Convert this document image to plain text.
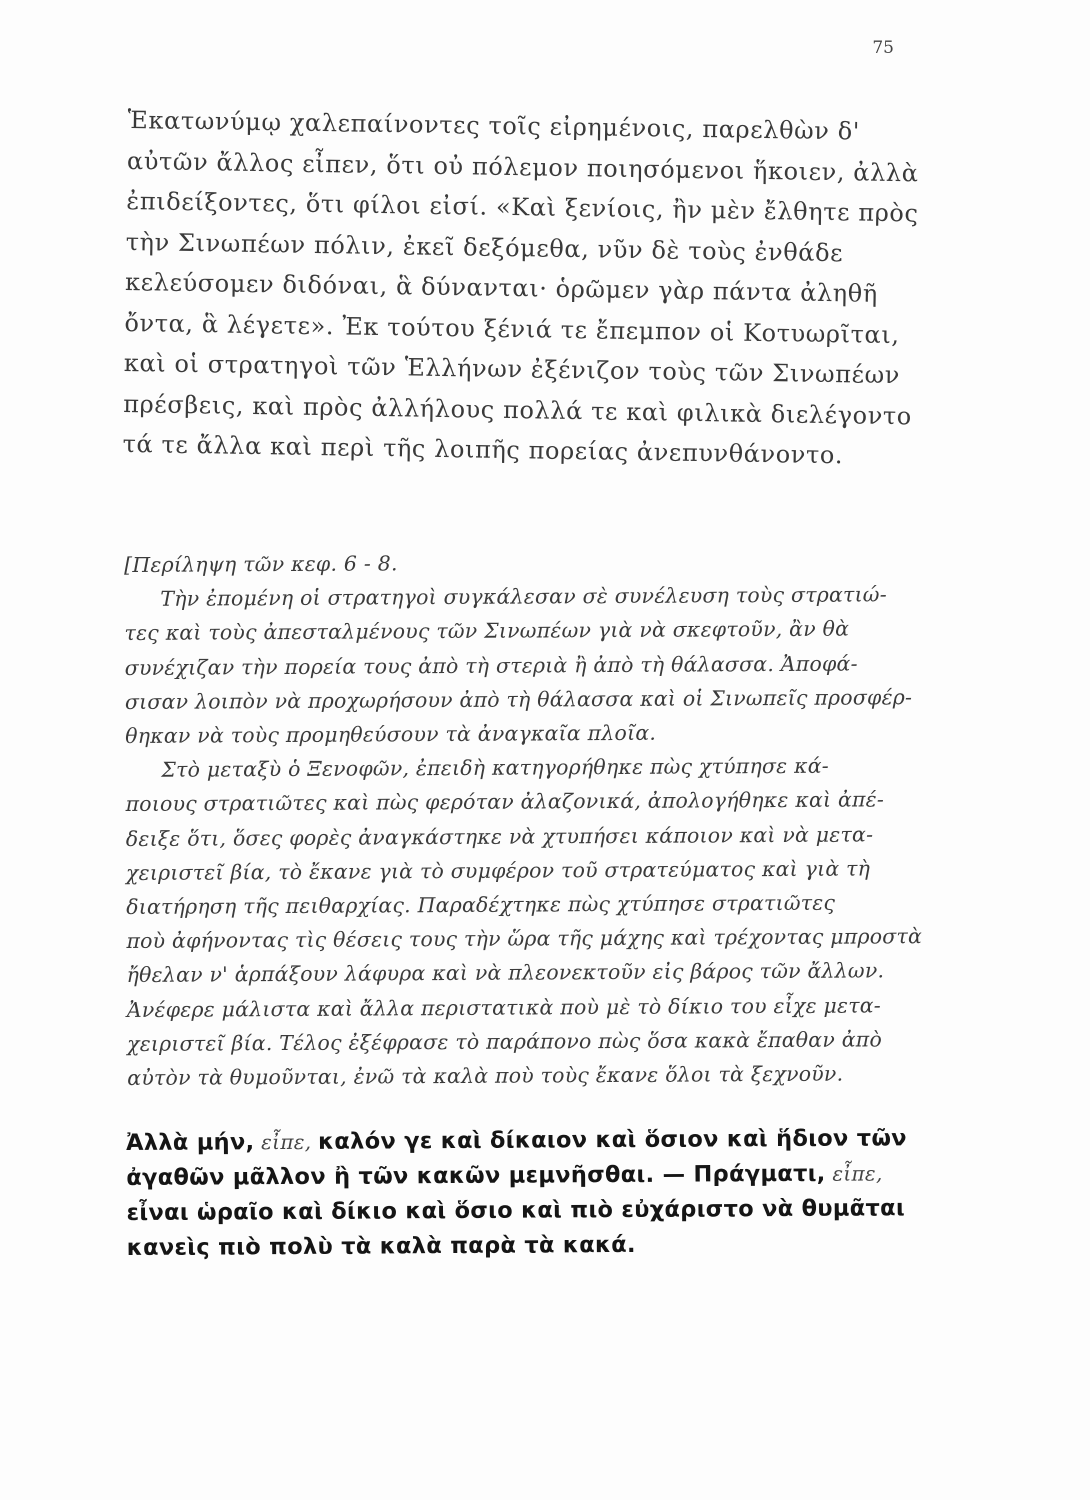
75
Ἑκατωνύμῳ χαλεπαίνοντες τοῖς εἰρημένοις, παρελθὼν δ'
αὐτῶν ἄλλος εἶπεν, ὅτι οὐ πόλεμον ποιησόμενοι ἥκοιεν, ἀλλὰ
ἐπιδείξοντες, ὅτι φίλοι εἰσί. «Καὶ ξενίοις, ἢν μὲν ἔλθητε πρὸς
τὴν Σινωπέων πόλιν, ἐκεῖ δεξόμεθα, νῦν δὲ τοὺς ἐνθάδε
κελεύσομεν διδόναι, ἃ δύνανται· ὁρῶμεν γὰρ πάντα ἀληθῆ
ὄντα, ἃ λέγετε». Ἐκ τούτου ξένιά τε ἔπεμπον οἱ Κοτυωρῖται,
καὶ οἱ στρατηγοὶ τῶν Ἑλλήνων ἐξένιζον τοὺς τῶν Σινωπέων
πρέσβεις, καὶ πρὸς ἀλλήλους πολλά τε καὶ φιλικὰ διελέγοντο
τά τε ἄλλα καὶ περὶ τῆς λοιπῆς πορείας ἀνεπυνθάνοντο.
[Περίληψη τῶν κεφ. 6 - 8.
Τὴν ἐπομένη οἱ στρατηγοὶ συγκάλεσαν σὲ συνέλευση τοὺς στρατιώ-
τες καὶ τοὺς ἀπεσταλμένους τῶν Σινωπέων γιὰ νὰ σκεφτοῦν, ἂν θὰ
συνέχιζαν τὴν πορεία τους ἀπὸ τὴ στεριὰ ἢ ἀπὸ τὴ θάλασσα. Ἀποφά-
σισαν λοιπὸν νὰ προχωρήσουν ἀπὸ τὴ θάλασσα καὶ οἱ Σινωπεῖς προσφέρ-
θηκαν νὰ τοὺς προμηθεύσουν τὰ ἀναγκαῖα πλοῖα.
Στὸ μεταξὺ ὁ Ξενοφῶν, ἐπειδὴ κατηγορήθηκε πὼς χτύπησε κά-
ποιους στρατιῶτες καὶ πὼς φερόταν ἀλαζονικά, ἀπολογήθηκε καὶ ἀπέ-
δειξε ὅτι, ὅσες φορὲς ἀναγκάστηκε νὰ χτυπήσει κάποιον καὶ νὰ μετα-
χειριστεῖ βία, τὸ ἔκανε γιὰ τὸ συμφέρον τοῦ στρατεύματος καὶ γιὰ τὴ
διατήρηση τῆς πειθαρχίας. Παραδέχτηκε πὼς χτύπησε στρατιῶτες
ποὺ ἀφήνοντας τὶς θέσεις τους τὴν ὥρα τῆς μάχης καὶ τρέχοντας μπροστὰ
ἤθελαν ν' ἁρπάξουν λάφυρα καὶ νὰ πλεονεκτοῦν εἰς βάρος τῶν ἄλλων.
Ἀνέφερε μάλιστα καὶ ἄλλα περιστατικὰ ποὺ μὲ τὸ δίκιο του εἶχε μετα-
χειριστεῖ βία. Τέλος ἐξέφρασε τὸ παράπονο πὼς ὅσα κακὰ ἔπαθαν ἀπὸ
αὐτὸν τὰ θυμοῦνται, ἐνῶ τὰ καλὰ ποὺ τοὺς ἔκανε ὅλοι τὰ ξεχνοῦν.
Ἀλλὰ μήν, εἶπε, καλόν γε καὶ δίκαιον καὶ ὅσιον καὶ ἥδιον τῶν
ἀγαθῶν μᾶλλον ἢ τῶν κακῶν μεμνῆσθαι. — Πράγματι, εἶπε,
εἶναι ὡραῖο καὶ δίκιο καὶ ὅσιο καὶ πιὸ εὐχάριστο νὰ θυμᾶται
κανεὶς πιὸ πολὺ τὰ καλὰ παρὰ τὰ κακά.
